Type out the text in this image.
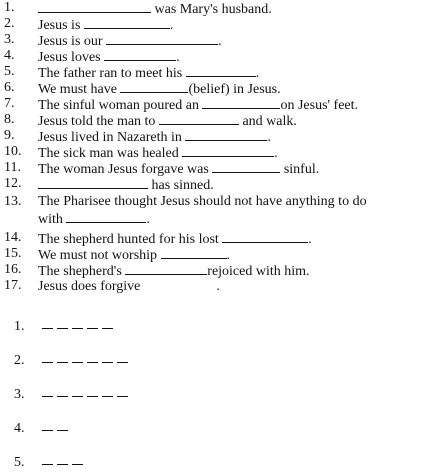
1.	was Mary's husband.
2.	Jesus is	.
3.	Jesus is our	.
4.	Jesus loves	.
5.	The father ran to meet his	.
6.	We must have	(belief) in Jesus.
7.	The sinful woman poured an	on Jesus' feet.
8.	Jesus told the man to	and walk.
9.	Jesus lived in Nazareth in	.
10.	The sick man was healed	.
11.	The woman Jesus forgave was	sinful.
12.	has sinned.
13.	The Pharisee thought Jesus should not have anything to do
14.	The shepherd hunted for his lost	.
15.	We must not worship	.
16.	The shepherd's	rejoiced with him.
17.	Jesus does forgive	.
with	.
1.
2.
3.
4.
5.
